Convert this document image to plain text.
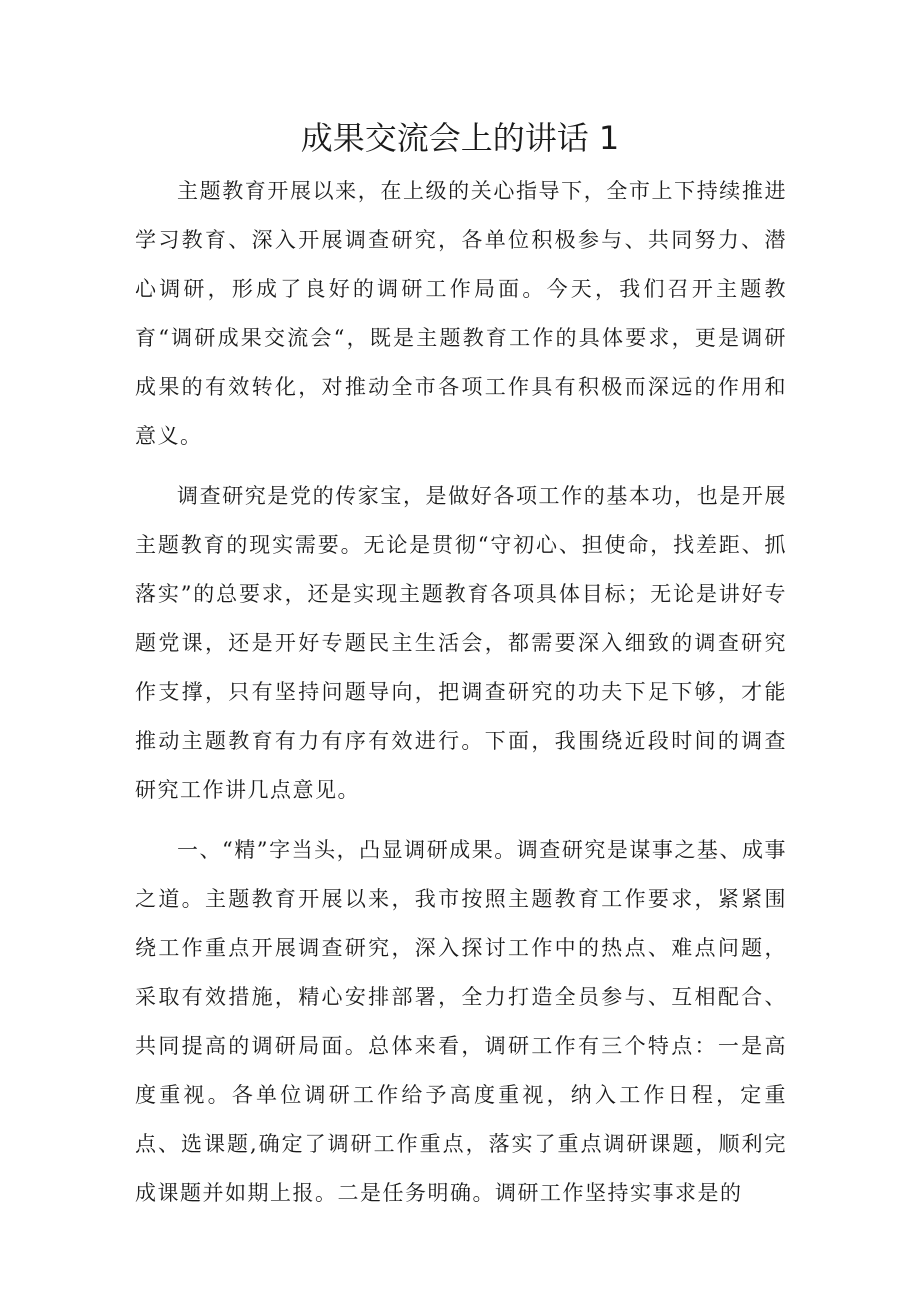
成果交流会上的讲话 1

主题教育开展以来，在上级的关心指导下，全市上下持续推进学习教育、深入开展调查研究，各单位积极参与、共同努力、潜心调研，形成了良好的调研工作局面。今天，我们召开主题教育“调研成果交流会“，既是主题教育工作的具体要求，更是调研成果的有效转化，对推动全市各项工作具有积极而深远的作用和意义。

调查研究是党的传家宝，是做好各项工作的基本功，也是开展主题教育的现实需要。无论是贯彻“守初心、担使命，找差距、抓落实”的总要求，还是实现主题教育各项具体目标；无论是讲好专题党课，还是开好专题民主生活会，都需要深入细致的调查研究作支撑，只有坚持问题导向，把调查研究的功夫下足下够，才能推动主题教育有力有序有效进行。下面，我围绕近段时间的调查研究工作讲几点意见。

一、“精”字当头，凸显调研成果。调查研究是谋事之基、成事之道。主题教育开展以来，我市按照主题教育工作要求，紧紧围绕工作重点开展调查研究，深入探讨工作中的热点、难点问题，采取有效措施，精心安排部署，全力打造全员参与、互相配合、共同提高的调研局面。总体来看，调研工作有三个特点：一是高度重视。各单位调研工作给予高度重视，纳入工作日程，定重点、选课题,确定了调研工作重点，落实了重点调研课题，顺利完成课题并如期上报。二是任务明确。调研工作坚持实事求是的
